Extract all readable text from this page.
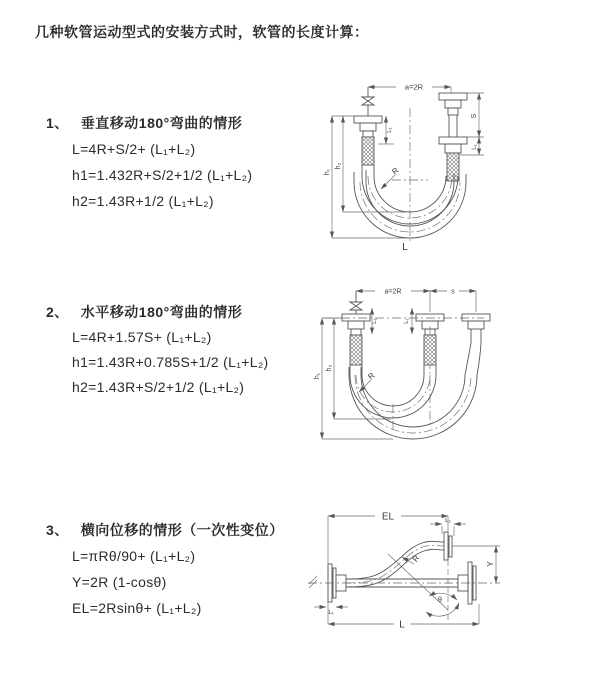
几种软管运动型式的安装方式时，软管的长度计算：
1、 垂直移动180°弯曲的情形
L=4R+S/2+ (L₁+L₂)
h1=1.432R+S/2+1/2 (L₁+L₂)
h2=1.43R+1/2 (L₁+L₂)
2、 水平移动180°弯曲的情形
L=4R+1.57S+ (L₁+L₂)
h1=1.43R+0.785S+1/2 (L₁+L₂)
h2=1.43R+S/2+1/2 (L₁+L₂)
3、 横向位移的情形（一次性变位）
L=πRθ/90+ (L₁+L₂)
Y=2R (1-cosθ)
EL=2Rsinθ+ (L₁+L₂)
a=2R
h₁
h₂
L₁
S
L₁
R
L
a=2R	s
h₁
h₂
L₁	L₁
R
EL	L₂
Y
θ
R
L
L₁
